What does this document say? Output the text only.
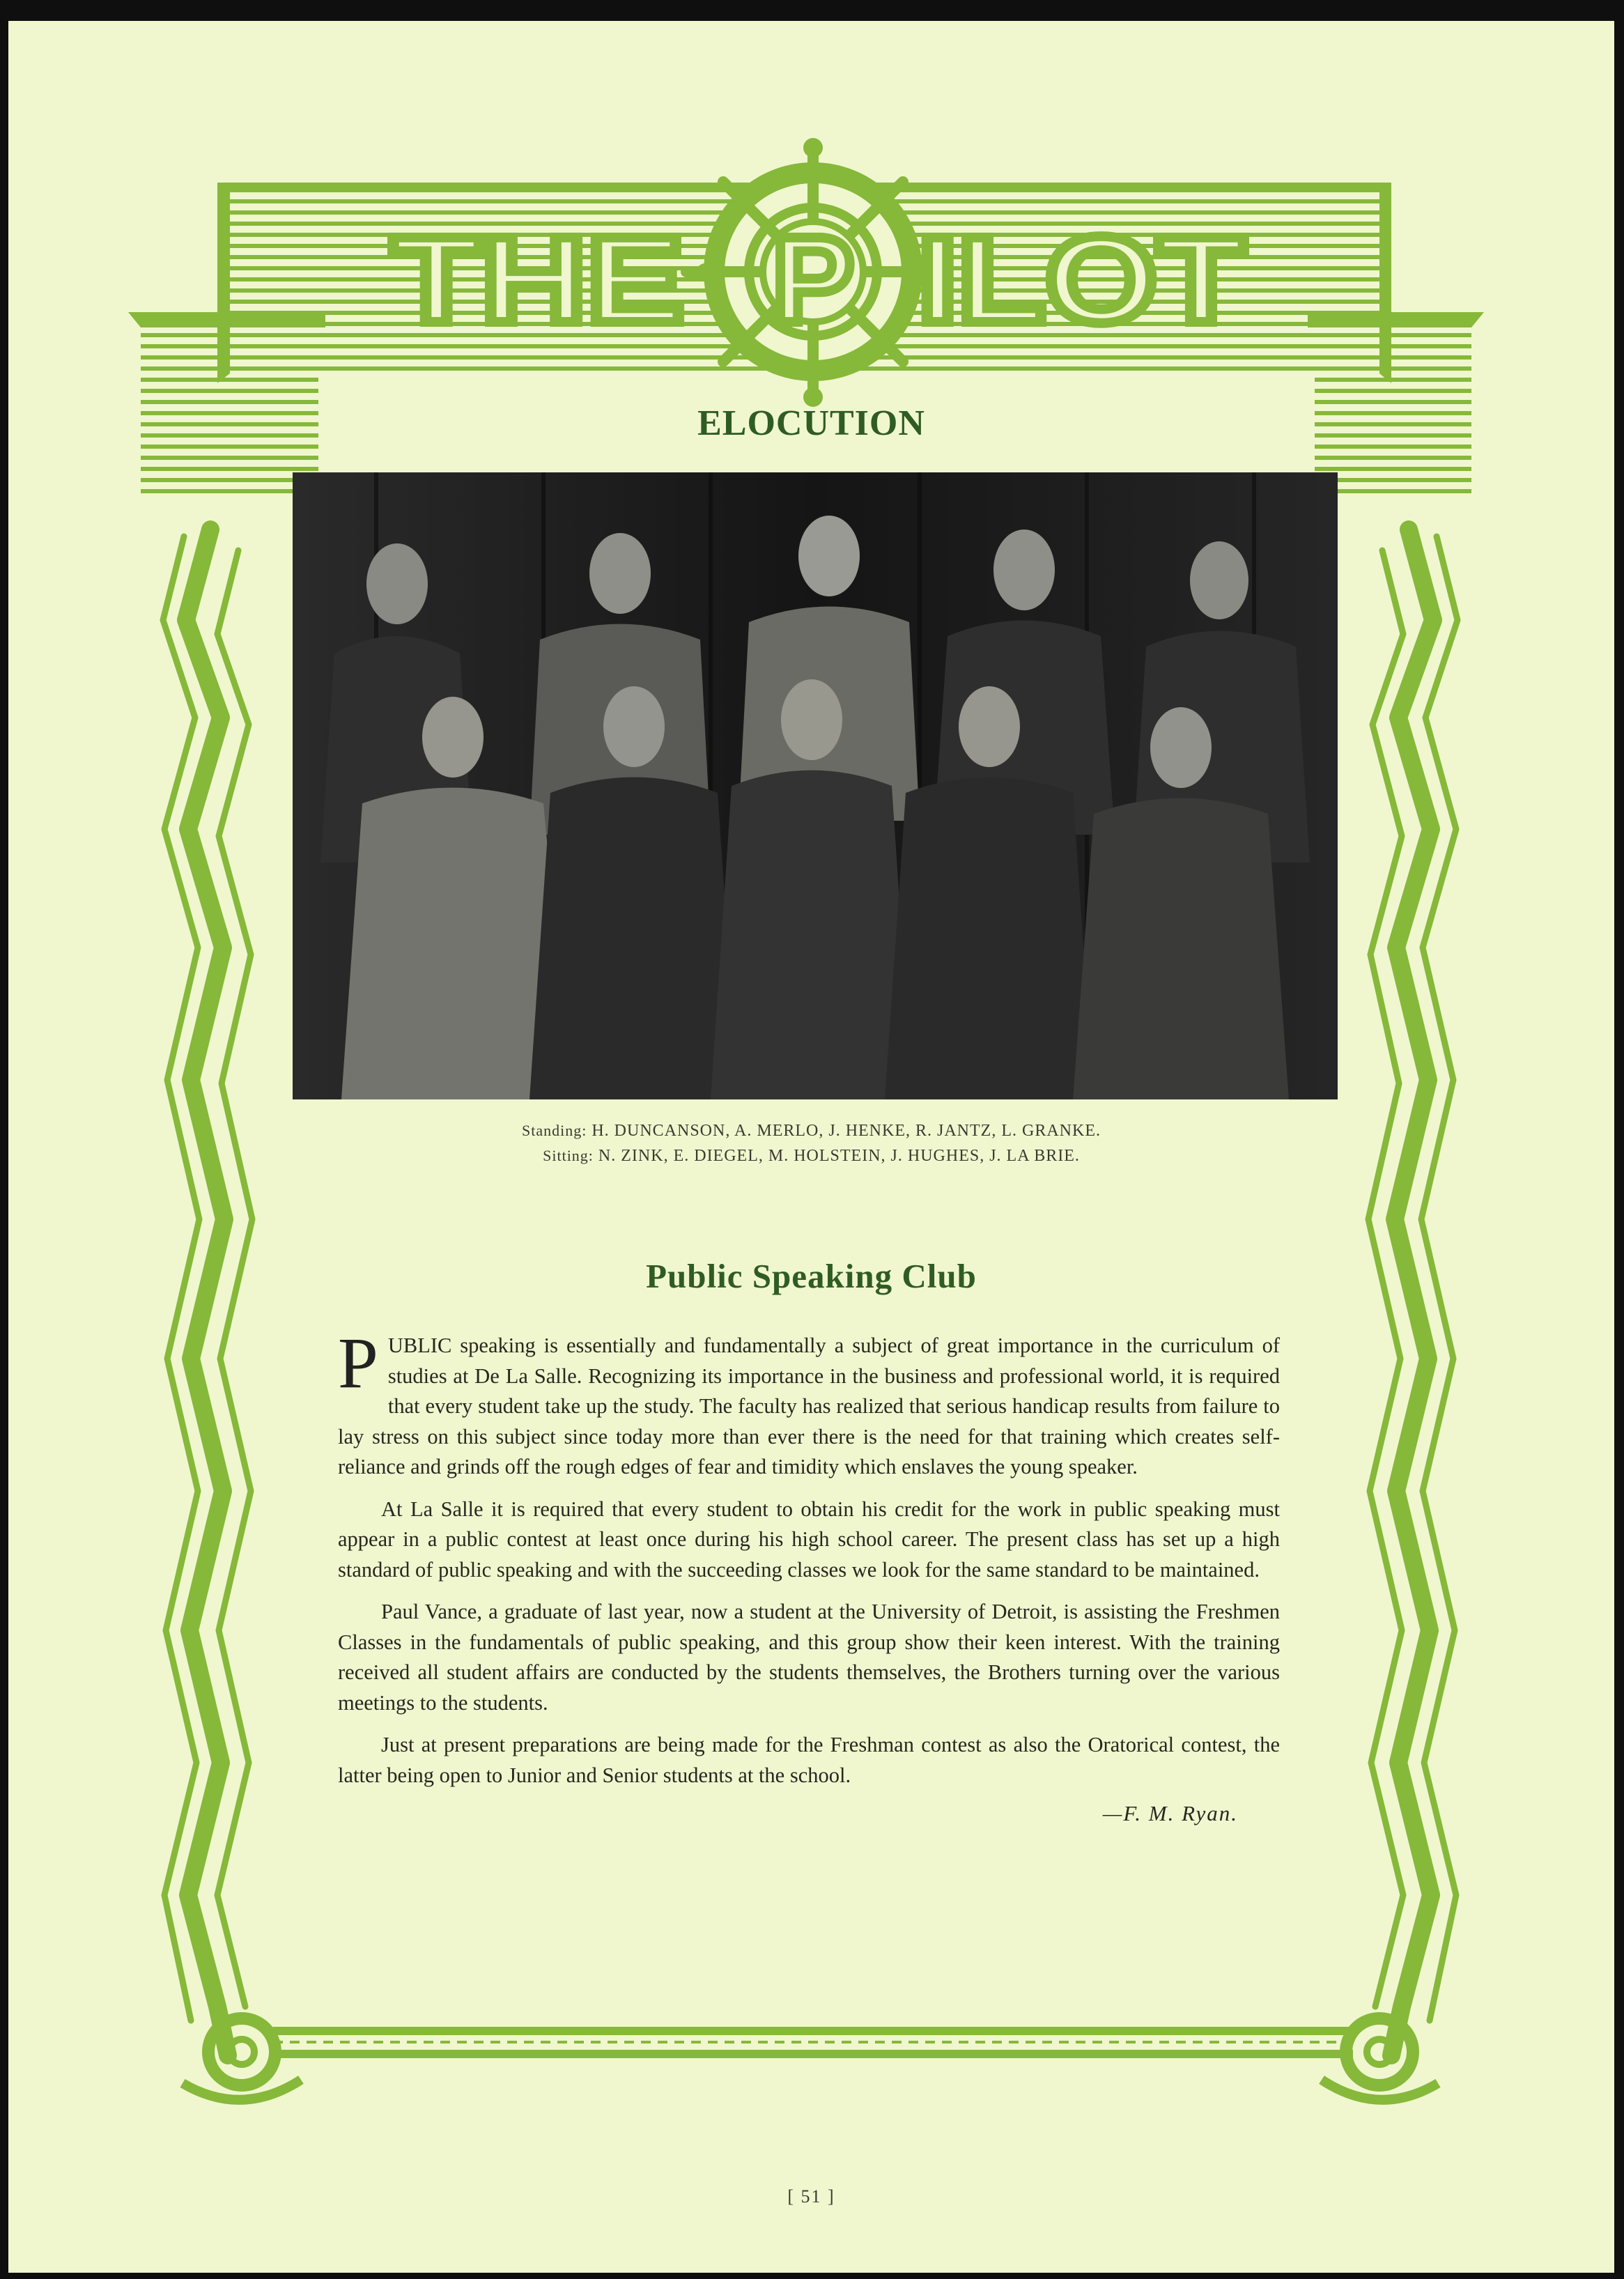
THE P ILOT
ELOCUTION
Standing: H. DUNCANSON, A. MERLO, J. HENKE, R. JANTZ, L. GRANKE.
Sitting: N. ZINK, E. DIEGEL, M. HOLSTEIN, J. HUGHES, J. LA BRIE.
Public Speaking Club

PUBLIC speaking is essentially and fundamentally a subject of great importance in the curriculum of studies at De La Salle. Recognizing its importance in the business and professional world, it is required that every student take up the study. The faculty has realized that serious handicap results from failure to lay stress on this subject since today more than ever there is the need for that training which creates self-reliance and grinds off the rough edges of fear and timidity which enslaves the young speaker.

At La Salle it is required that every student to obtain his credit for the work in public speaking must appear in a public contest at least once during his high school career. The present class has set up a high standard of public speaking and with the succeeding classes we look for the same standard to be maintained.

Paul Vance, a graduate of last year, now a student at the University of Detroit, is assisting the Freshmen Classes in the fundamentals of public speaking, and this group show their keen interest. With the training received all student affairs are conducted by the students themselves, the Brothers turning over the various meetings to the students.

Just at present preparations are being made for the Freshman contest as also the Oratorical contest, the latter being open to Junior and Senior students at the school.

—F. M. Ryan.
[ 51 ]
